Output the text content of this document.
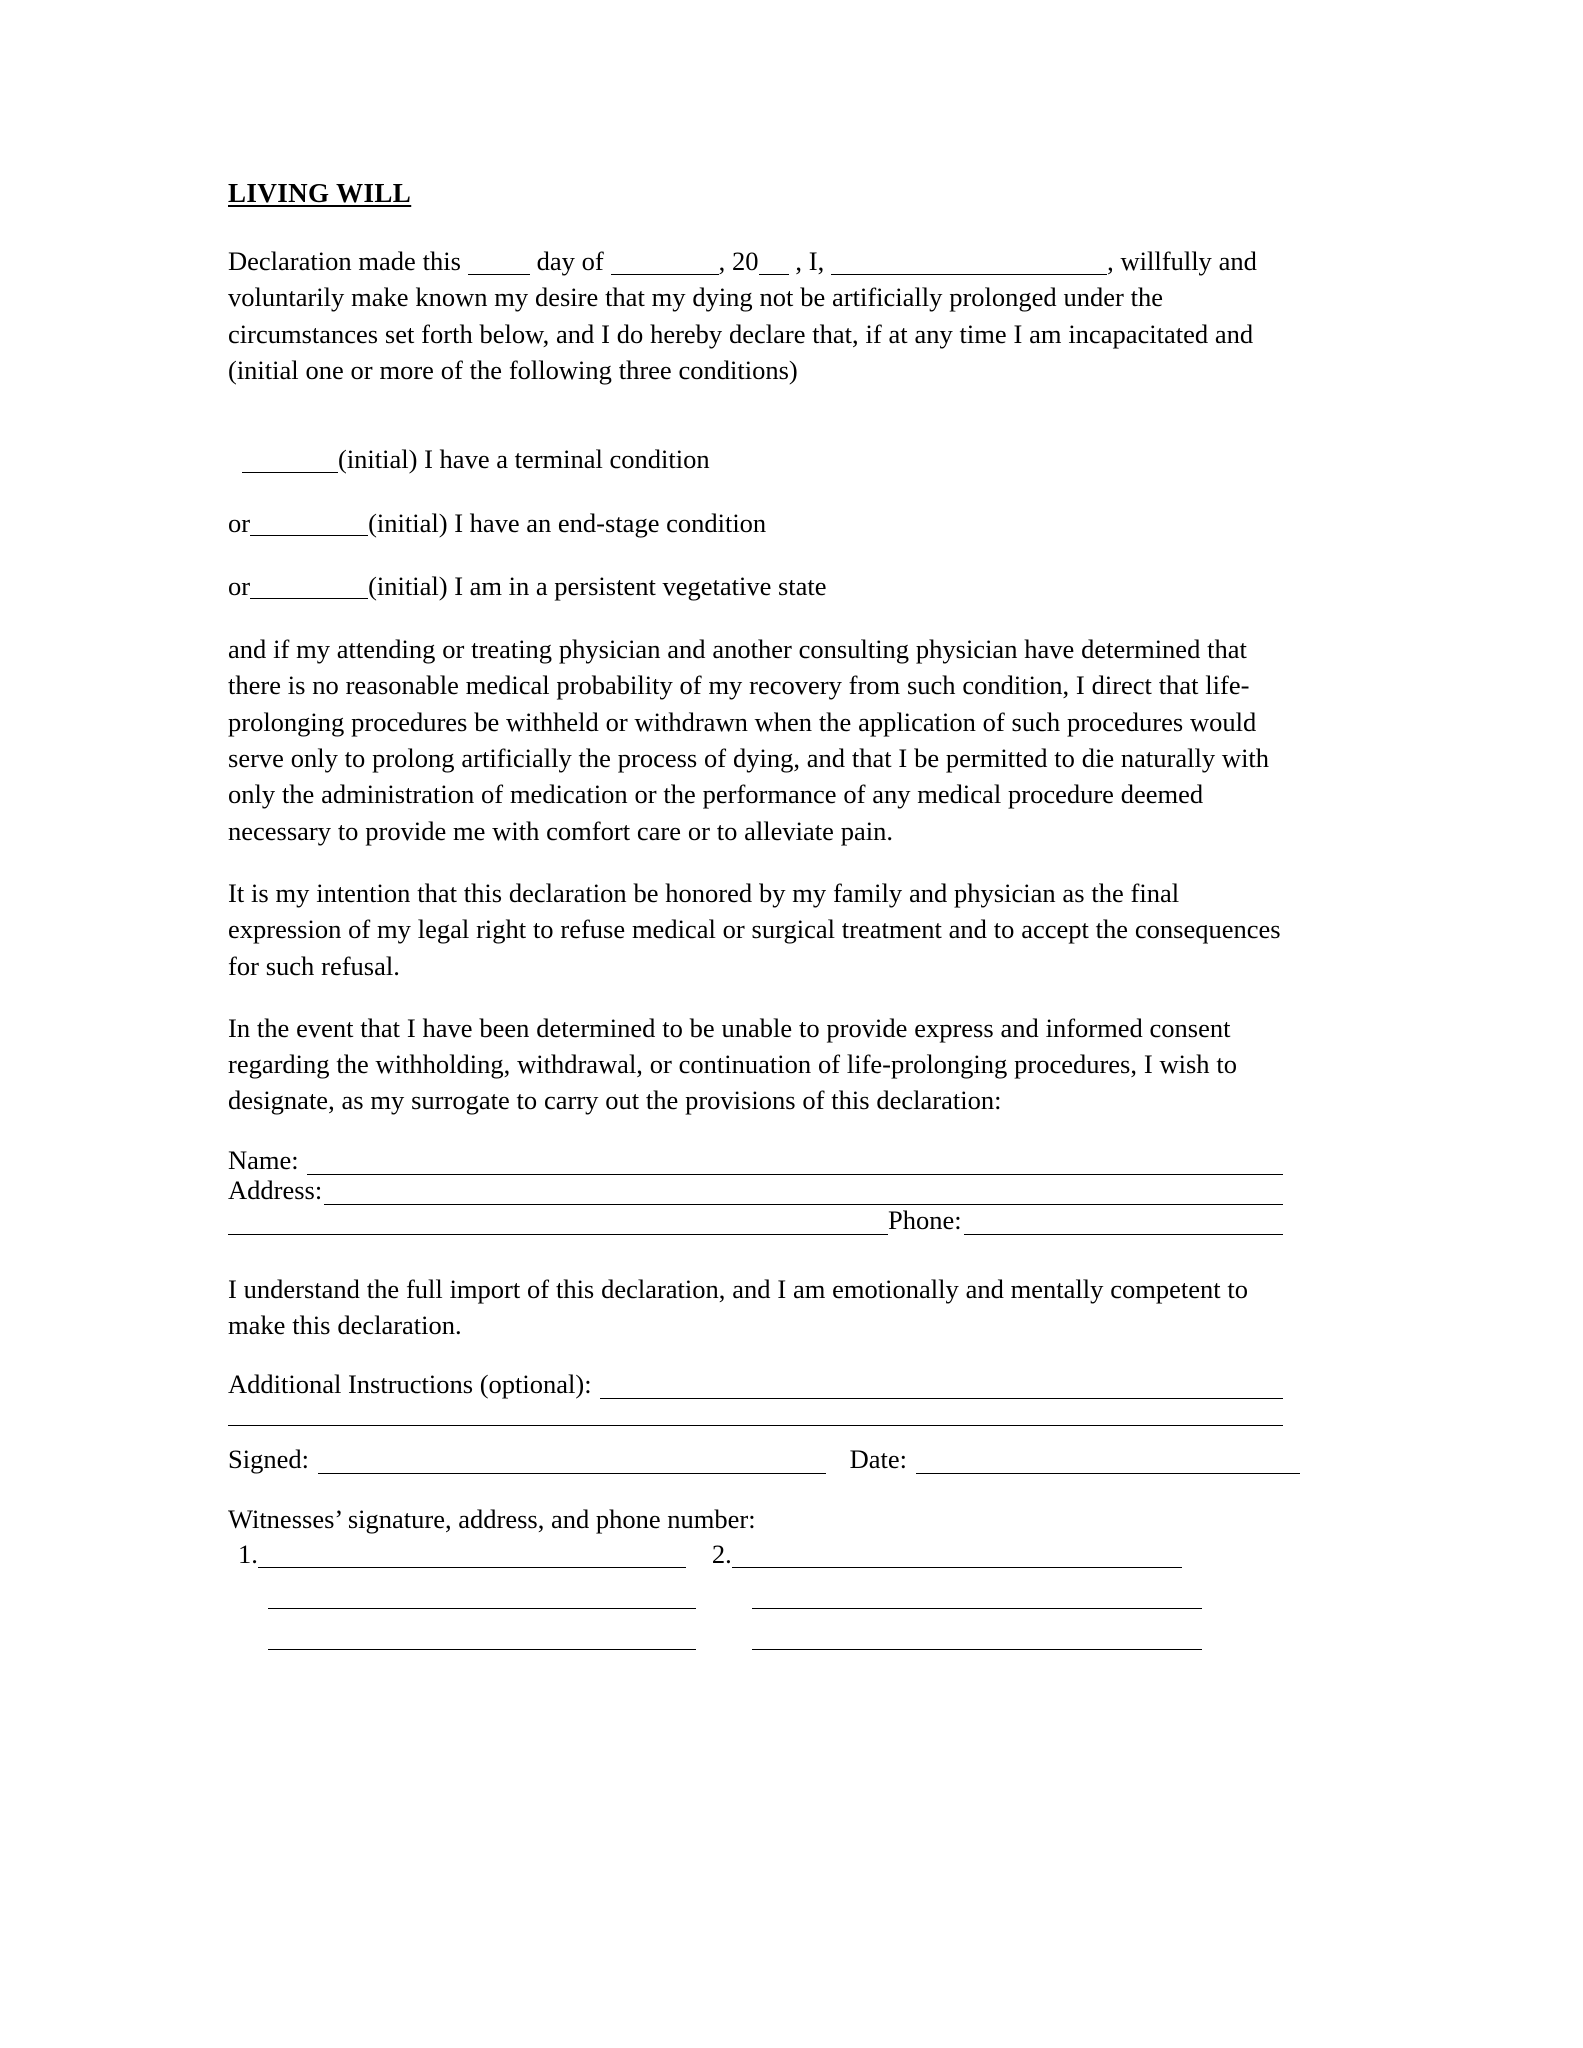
LIVING WILL

Declaration made this  day of	, 20 , I,	, willfully and voluntarily make known my desire that my dying not be artificially prolonged under the circumstances set forth below, and I do hereby declare that, if at any time I am incapacitated and (initial one or more of the following three conditions)

(initial) I have a terminal condition

or	(initial) I have an end-stage condition

or	(initial) I am in a persistent vegetative state

and if my attending or treating physician and another consulting physician have determined that there is no reasonable medical probability of my recovery from such condition, I direct that life-prolonging procedures be withheld or withdrawn when the application of such procedures would serve only to prolong artificially the process of dying, and that I be permitted to die naturally with only the administration of medication or the performance of any medical procedure deemed necessary to provide me with comfort care or to alleviate pain.

It is my intention that this declaration be honored by my family and physician as the final expression of my legal right to refuse medical or surgical treatment and to accept the consequences for such refusal.

In the event that I have been determined to be unable to provide express and informed consent regarding the withholding, withdrawal, or continuation of life-prolonging procedures, I wish to designate, as my surrogate to carry out the provisions of this declaration:

Name:
Address:
Phone:

I understand the full import of this declaration, and I am emotionally and mentally competent to make this declaration.

Additional Instructions (optional):
Signed:	Date:

Witnesses’ signature, address, and phone number:

1.	2.
